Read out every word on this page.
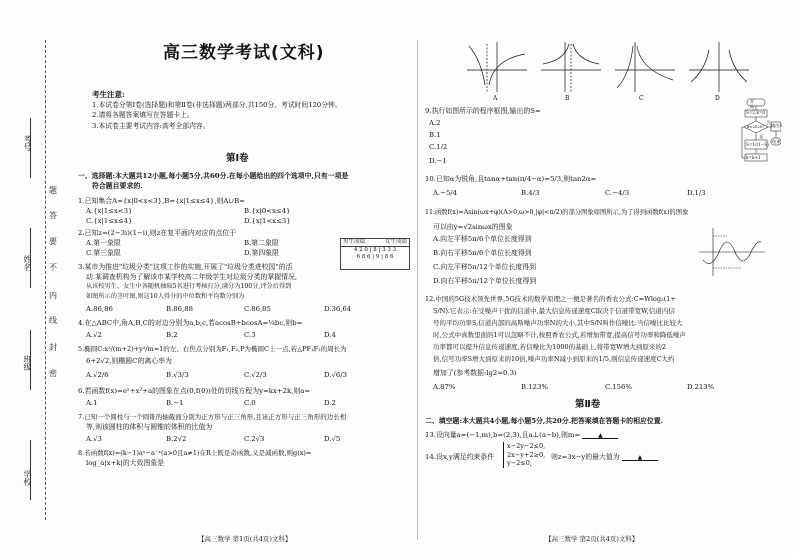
考号
姓名
班级
学校
题
答
要
不
内
线
封
密
高三数学考试(文科)
考生注意:
1.本试卷分第Ⅰ卷(选择题)和第Ⅱ卷(非选择题)两部分,共150分。考试时间120分钟。
2.请将各题答案填写在答题卡上。
3.本试卷主要考试内容:高考全部内容。
第Ⅰ卷
一、选择题:本大题共12小题,每小题5分,共60分.在每小题给出的四个选项中,只有一项是
符合题目要求的.
1.已知集合A={x|0<x<3},B={x|1≤x≤4},则A∪B=
A.{x|1≤x<3}	B.{x|0<x≤4}
C.{x|1≤x≤4}	D.{x|1<x≤3}
2.已知z=(2−3i)(1−i),则z在复平面内对应的点位于
A.第一象限	B.第二象限
C.第三象限	D.第四象限
3.某市为推进"垃圾分类"这项工作的实施,开展了"垃圾分类进校园"的活
动.某调查机构为了解该市某学校高二年级学生对垃圾分类的掌握情况,
从该校男生、女生中各随机抽取5名进行考核打分,满分为100分,评分后得到
如图所示的茎叶图,则这10人得分的中位数和平均数分别为
A.86,86	B.86,88	C.86,85	D.36,64
男生成绩	女生成绩
4 2 0 | 8 | 3 3 3
6 8 6 | 9 | 8 6
4.在△ABC中,角A,B,C的对边分别为a,b,c,若acosB+bcosA=¼bc,则b=
A.√2	B.2	C.3	D.4
5.椭圆C:x²/(m+2)+y²/m=1的左、右焦点分别为F₁,F₂,P为椭圆C上一点,若△PF₁F₂的周长为
6+2√2,则椭圆C的离心率为
A.√2/6	B.√3/3	C.√2/3	D.√6/3
6.若函数f(x)=eˣ+x²+a的图象在点(0,f(0))处的切线方程为y=kx+2k,则a=
A.1	B.−1	C.0	D.2
7.已知一个圆柱与一个圆锥的轴截面分别为正方形与正三角形,且该正方形与正三角形的边长相
等,则该圆柱的体积与圆锥的体积的比值为
A.√3	B.2√2	C.2√3	D.√5
8.若函数f(x)=(k−1)aˣ−a⁻ˣ(a>0且a≠1)在R上既是奇函数,又是减函数,则g(x)=
log_a|x+k|的大致图象是
【高三数学 第1页(共4页)文科】
A	B	C	D
9.执行如图所示的程序框图,输出的S=
A.2
B.1
C.1/2
D.−1
开始
S=2,k=0
k<2020?
否
是
S=1/(1−S)
k=k+1
输出S
结束
10.已知α为锐角,且tanα+tan(π/4−α)=5/3,则tan2α=
A.−5/4	B.4/3	C.−4/3	D.1/3
11.函数f(x)=Asin(ωx+φ)(A>0,ω>0,|φ|<π/2)的部分图象如图所示,为了得到函数f(x)的图象
可以由y=√2sinωx的图象
A.向左平移5π/6个单位长度得到
B.向右平移5π/6个单位长度得到
C.向左平移5π/12个单位长度得到
D.向右平移5π/12个单位长度得到
12.中国的5G技术领先世界,5G技术的数学原理之一便是著名的香农公式:C=Wlog₂(1+
S/N).它表示:在受噪声干扰的信道中,最大信息传递速度C取决于信道带宽W,信道内信
号的平均功率S,信道内部的高斯噪声功率N的大小,其中S/N叫作信噪比.当信噪比比较大
时,公式中真数里面的1可以忽略不计,按照香农公式,若增加带宽,提高信号功率和降低噪声
功率都可以提升信息传递速度,若信噪比为1000的基础上,将带宽W增大到原来的2
倍,信号功率S增大到原来的10倍,噪声功率N减小到原来的1/5,则信息传递速度C大约
增加了(参考数据:lg2≈0.3)
A.87%	B.123%	C.156%	D.213%
第Ⅱ卷
二、填空题:本大题共4小题,每小题5分,共20分.把答案填在答题卡的相应位置.
13.设向量a=(−1,m),b=(2,3),且a⊥(a−b),则m=	▲
14.设x,y满足约束条件
x−2y−2≤0,
2x−y+2≥0,
y−2≤0,
则z=3x−y的最大值为	▲
【高三数学 第2页(共4页)文科】
